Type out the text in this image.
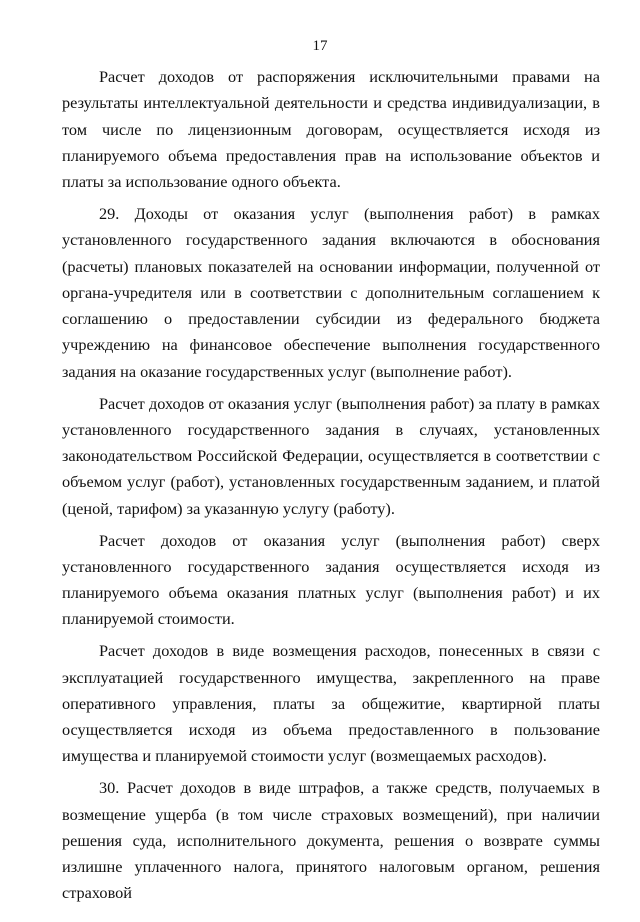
17

Расчет доходов от распоряжения исключительными правами на результаты интеллектуальной деятельности и средства индивидуализации, в том числе по лицензионным договорам, осуществляется исходя из планируемого объема предоставления прав на использование объектов и платы за использование одного объекта.

29. Доходы от оказания услуг (выполнения работ) в рамках установленного государственного задания включаются в обоснования (расчеты) плановых показателей на основании информации, полученной от органа-учредителя или в соответствии с дополнительным соглашением к соглашению о предоставлении субсидии из федерального бюджета учреждению на финансовое обеспечение выполнения государственного задания на оказание государственных услуг (выполнение работ).

Расчет доходов от оказания услуг (выполнения работ) за плату в рамках установленного государственного задания в случаях, установленных законодательством Российской Федерации, осуществляется в соответствии с объемом услуг (работ), установленных государственным заданием, и платой (ценой, тарифом) за указанную услугу (работу).

Расчет доходов от оказания услуг (выполнения работ) сверх установленного государственного задания осуществляется исходя из планируемого объема оказания платных услуг (выполнения работ) и их планируемой стоимости.

Расчет доходов в виде возмещения расходов, понесенных в связи с эксплуатацией государственного имущества, закрепленного на праве оперативного управления, платы за общежитие, квартирной платы осуществляется исходя из объема предоставленного в пользование имущества и планируемой стоимости услуг (возмещаемых расходов).

30. Расчет доходов в виде штрафов, а также средств, получаемых в возмещение ущерба (в том числе страховых возмещений), при наличии решения суда, исполнительного документа, решения о возврате суммы излишне уплаченного налога, принятого налоговым органом, решения страховой
